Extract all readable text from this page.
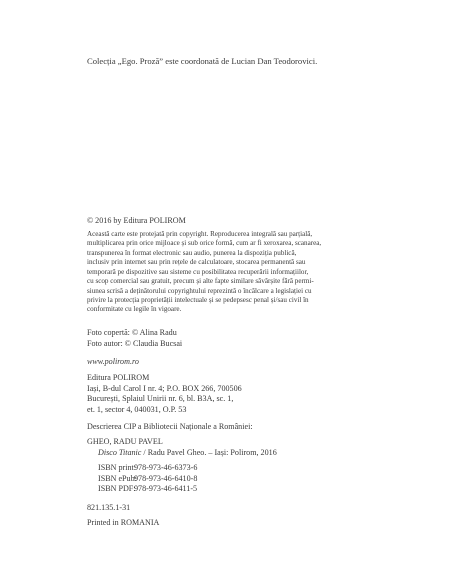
Colecția „Ego. Proză” este coordonată de Lucian Dan Teodorovici.

© 2016 by Editura POLIROM

Această carte este protejată prin copyright. Reproducerea integrală sau parțială,
multiplicarea prin orice mijloace și sub orice formă, cum ar fi xeroxarea, scanarea,
transpunerea în format electronic sau audio, punerea la dispoziția publică,
inclusiv prin internet sau prin rețele de calculatoare, stocarea permanentă sau
temporară pe dispozitive sau sisteme cu posibilitatea recuperării informațiilor,
cu scop comercial sau gratuit, precum și alte fapte similare săvârșite fără permi-
siunea scrisă a deținătorului copyrightului reprezintă o încălcare a legislației cu
privire la protecția proprietății intelectuale și se pedepsesc penal și/sau civil în
conformitate cu legile în vigoare.
Foto copertă: © Alina Radu
Foto autor: © Claudia Bucsai

www.polirom.ro

Editura POLIROM
Iași, B-dul Carol I nr. 4; P.O. BOX 266, 700506
București, Splaiul Unirii nr. 6, bl. B3A, sc. 1,
et. 1, sector 4, 040031, O.P. 53

Descrierea CIP a Bibliotecii Naționale a României:

GHEO, RADU PAVEL

Disco Titanic / Radu Pavel Gheo. – Iași: Polirom, 2016

ISBN print:
978-973-46-6373-6
ISBN ePub:
978-973-46-6410-8
ISBN PDF:
978-973-46-6411-5

821.135.1-31

Printed in ROMANIA
